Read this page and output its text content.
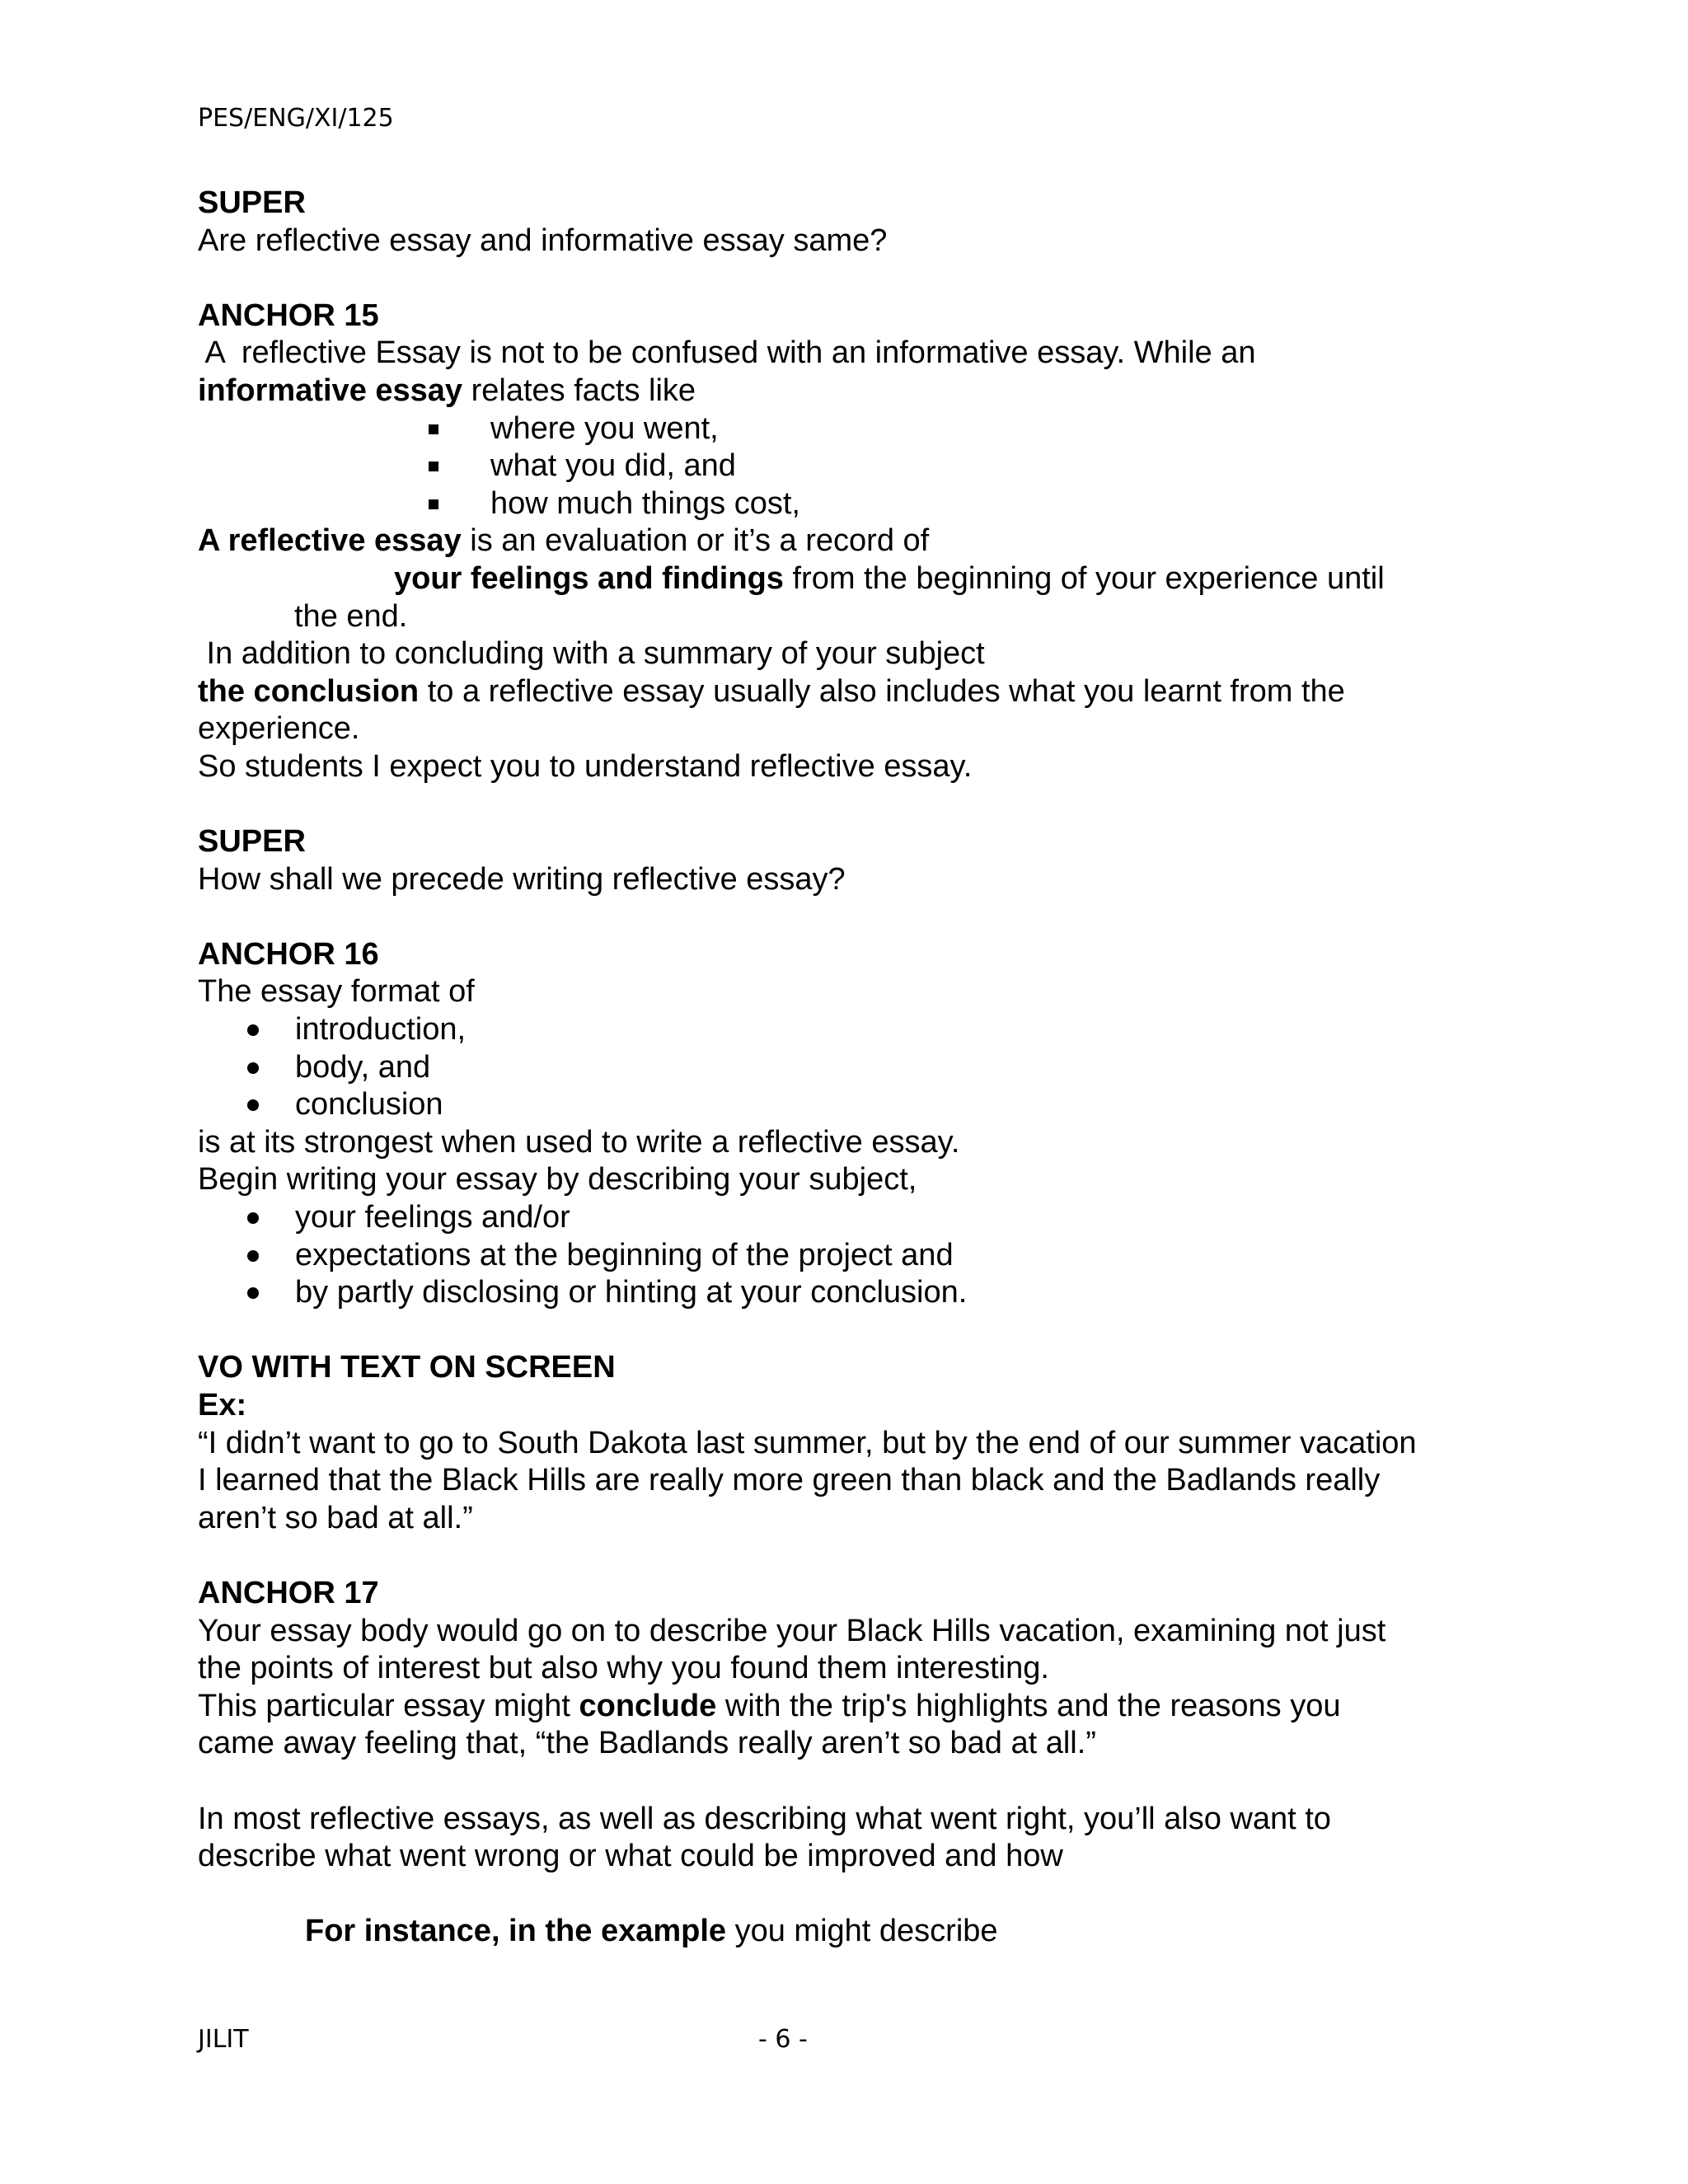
PES/ENG/XI/125
SUPER
Are reflective essay and informative essay same?
ANCHOR 15
A  reflective Essay is not to be confused with an informative essay. While an
informative essay relates facts like
where you went,
what you did, and
how much things cost,
A reflective essay is an evaluation or it’s a record of
your feelings and findings from the beginning of your experience until
the end.
In addition to concluding with a summary of your subject
the conclusion to a reflective essay usually also includes what you learnt from the
experience.
So students I expect you to understand reflective essay.
SUPER
How shall we precede writing reflective essay?
ANCHOR 16
The essay format of
introduction,
body, and
conclusion
is at its strongest when used to write a reflective essay.
Begin writing your essay by describing your subject,
your feelings and/or
expectations at the beginning of the project and
by partly disclosing or hinting at your conclusion.
VO WITH TEXT ON SCREEN
Ex:
“I didn’t want to go to South Dakota last summer, but by the end of our summer vacation
I learned that the Black Hills are really more green than black and the Badlands really
aren’t so bad at all.”
ANCHOR 17
Your essay body would go on to describe your Black Hills vacation, examining not just
the points of interest but also why you found them interesting.
This particular essay might conclude with the trip's highlights and the reasons you
came away feeling that, “the Badlands really aren’t so bad at all.”
In most reflective essays, as well as describing what went right, you’ll also want to
describe what went wrong or what could be improved and how
For instance, in the example you might describe
JILIT	- 6 -
